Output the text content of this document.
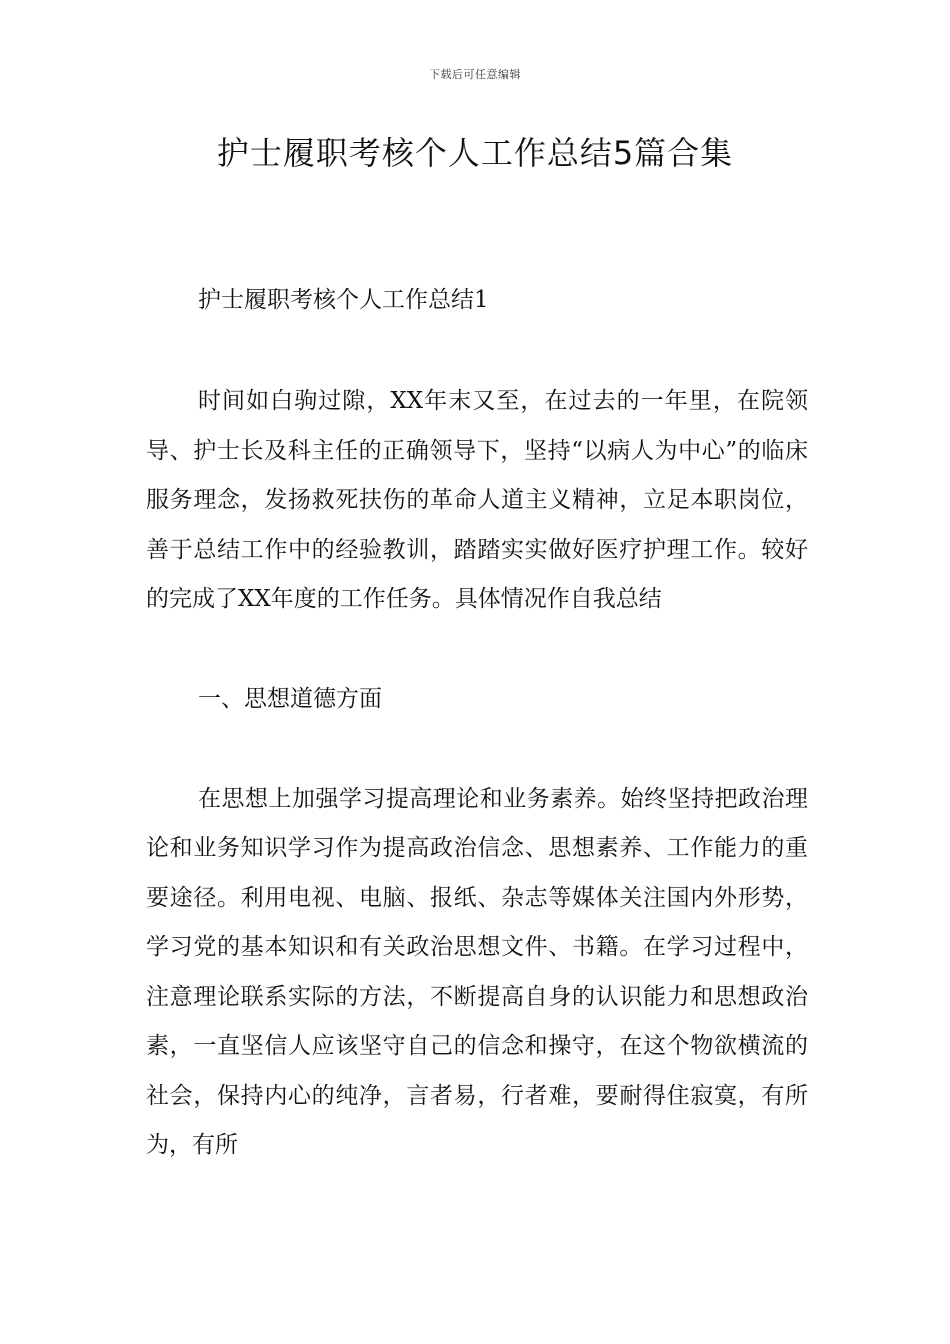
下载后可任意编辑
护士履职考核个人工作总结5篇合集

护士履职考核个人工作总结1

时间如白驹过隙，XX年末又至，在过去的一年里，在院领导、护士长及科主任的正确领导下，坚持“以病人为中心”的临床服务理念，发扬救死扶伤的革命人道主义精神，立足本职岗位，善于总结工作中的经验教训，踏踏实实做好医疗护理工作。较好的完成了XX年度的工作任务。具体情况作自我总结

一、思想道德方面

在思想上加强学习提高理论和业务素养。始终坚持把政治理论和业务知识学习作为提高政治信念、思想素养、工作能力的重要途径。利用电视、电脑、报纸、杂志等媒体关注国内外形势，学习党的基本知识和有关政治思想文件、书籍。在学习过程中，注意理论联系实际的方法，不断提高自身的认识能力和思想政治素，一直坚信人应该坚守自己的信念和操守，在这个物欲横流的社会，保持内心的纯净，言者易，行者难，要耐得住寂寞，有所为，有所
